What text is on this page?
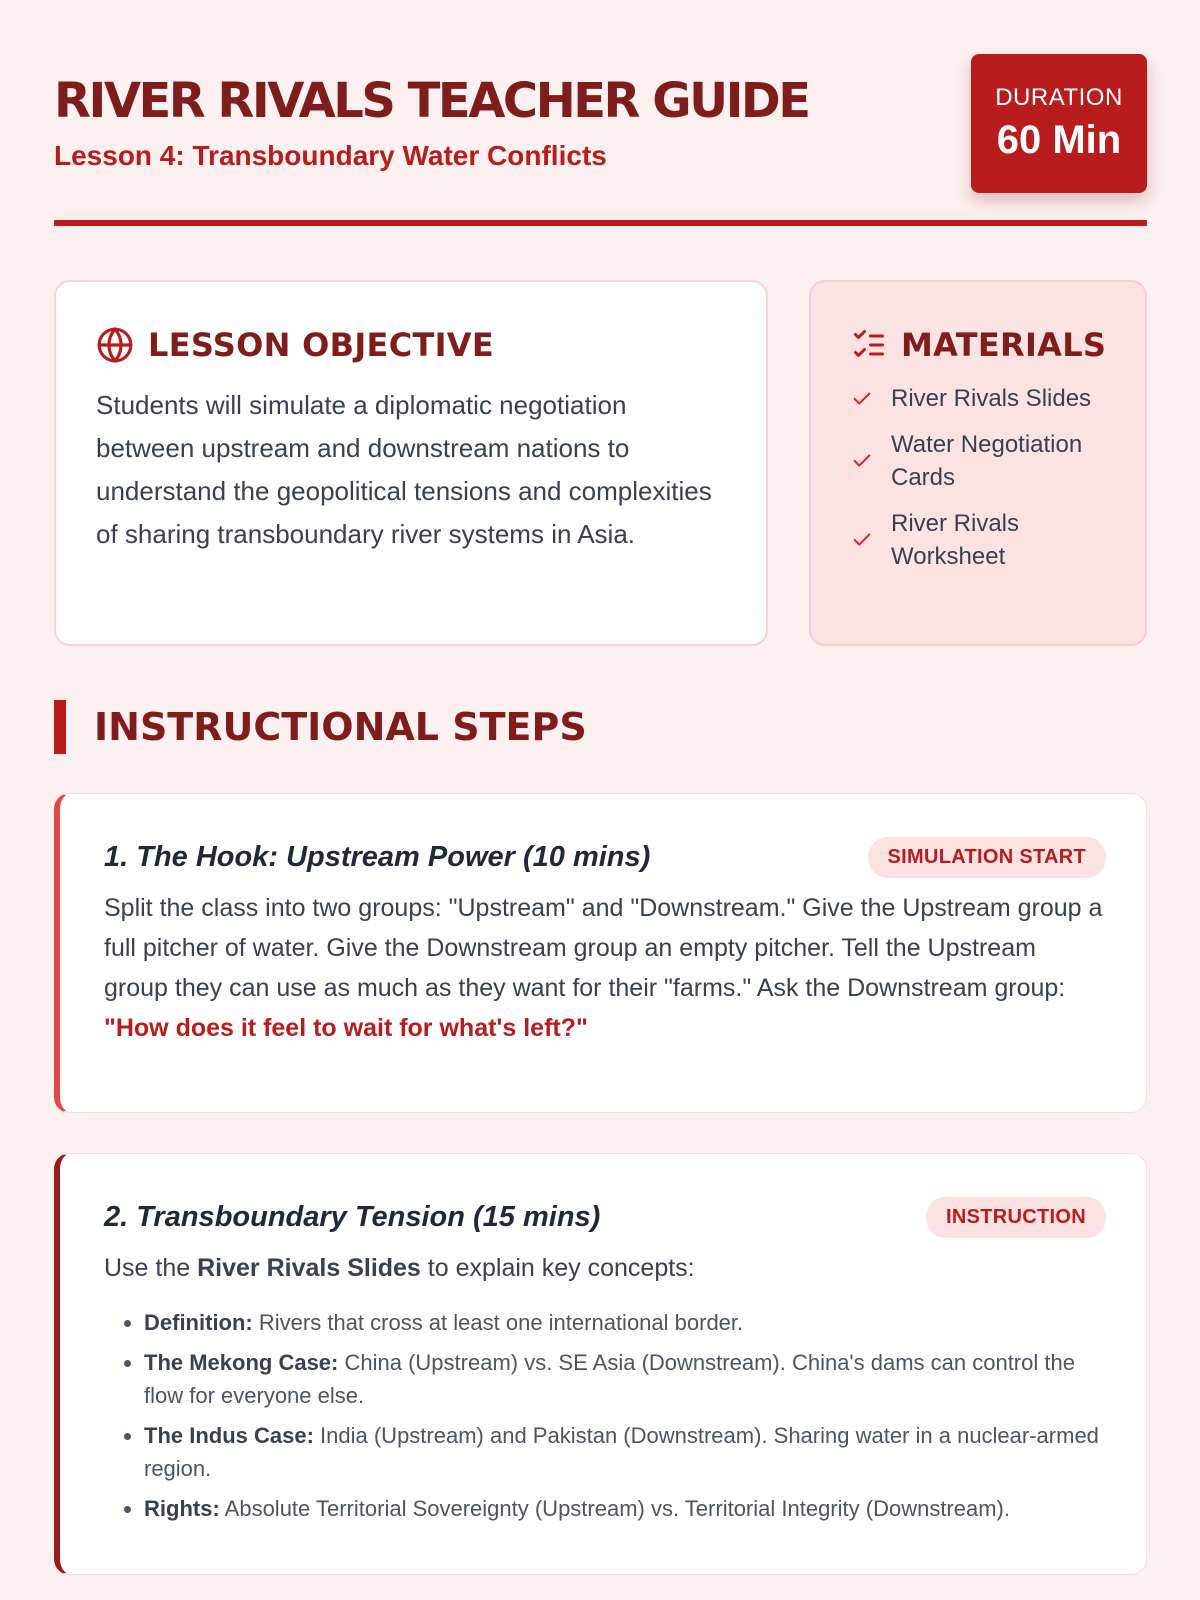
RIVER RIVALS TEACHER GUIDE
Lesson 4: Transboundary Water Conflicts
DURATION
60 Min
LESSON OBJECTIVE

Students will simulate a diplomatic negotiation between upstream and downstream nations to understand the geopolitical tensions and complexities of sharing transboundary river systems in Asia.

MATERIALS
River Rivals Slides
Water Negotiation Cards
River Rivals Worksheet
INSTRUCTIONAL STEPS
1. The Hook: Upstream Power (10 mins)	SIMULATION START

Split the class into two groups: "Upstream" and "Downstream." Give the Upstream group a full pitcher of water. Give the Downstream group an empty pitcher. Tell the Upstream group they can use as much as they want for their "farms." Ask the Downstream group: "How does it feel to wait for what's left?"

2. Transboundary Tension (15 mins)	INSTRUCTION

Use the River Rivals Slides to explain key concepts:

• Definition: Rivers that cross at least one international border.
• The Mekong Case: China (Upstream) vs. SE Asia (Downstream). China's dams can control the flow for everyone else.
• The Indus Case: India (Upstream) and Pakistan (Downstream). Sharing water in a nuclear-armed region.
• Rights: Absolute Territorial Sovereignty (Upstream) vs. Territorial Integrity (Downstream).
